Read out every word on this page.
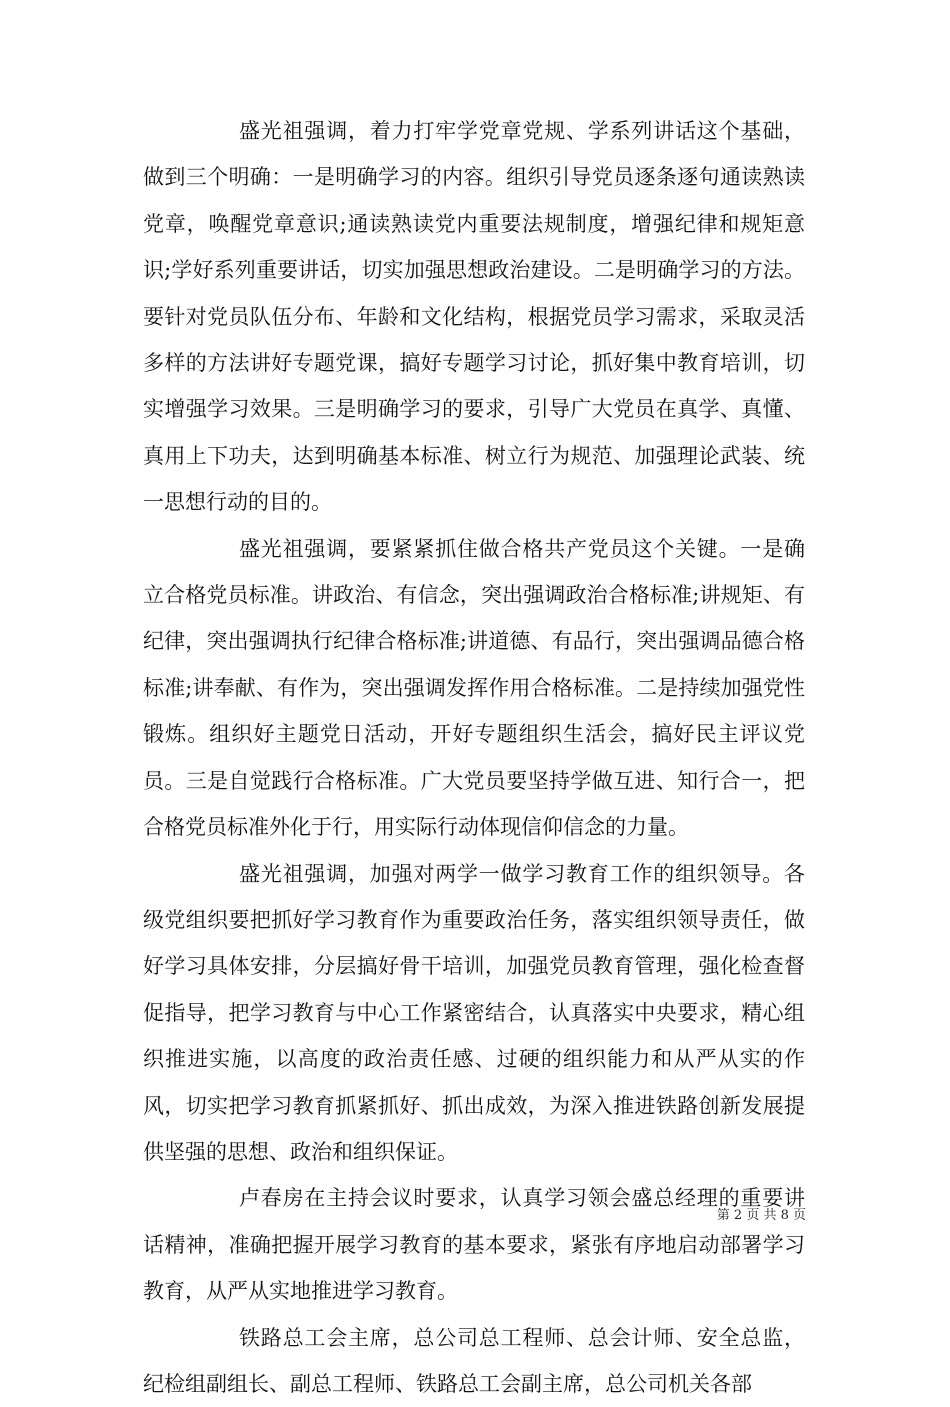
盛光祖强调，着力打牢学党章党规、学系列讲话这个基础，做到三个明确：一是明确学习的内容。组织引导党员逐条逐句通读熟读党章，唤醒党章意识;通读熟读党内重要法规制度，增强纪律和规矩意识;学好系列重要讲话，切实加强思想政治建设。二是明确学习的方法。要针对党员队伍分布、年龄和文化结构，根据党员学习需求，采取灵活多样的方法讲好专题党课，搞好专题学习讨论，抓好集中教育培训，切实增强学习效果。三是明确学习的要求，引导广大党员在真学、真懂、真用上下功夫，达到明确基本标准、树立行为规范、加强理论武装、统一思想行动的目的。

盛光祖强调，要紧紧抓住做合格共产党员这个关键。一是确立合格党员标准。讲政治、有信念，突出强调政治合格标准;讲规矩、有纪律，突出强调执行纪律合格标准;讲道德、有品行，突出强调品德合格标准;讲奉献、有作为，突出强调发挥作用合格标准。二是持续加强党性锻炼。组织好主题党日活动，开好专题组织生活会，搞好民主评议党员。三是自觉践行合格标准。广大党员要坚持学做互进、知行合一，把合格党员标准外化于行，用实际行动体现信仰信念的力量。

盛光祖强调，加强对两学一做学习教育工作的组织领导。各级党组织要把抓好学习教育作为重要政治任务，落实组织领导责任，做好学习具体安排，分层搞好骨干培训，加强党员教育管理，强化检查督促指导，把学习教育与中心工作紧密结合，认真落实中央要求，精心组织推进实施，以高度的政治责任感、过硬的组织能力和从严从实的作风，切实把学习教育抓紧抓好、抓出成效，为深入推进铁路创新发展提供坚强的思想、政治和组织保证。

卢春房在主持会议时要求，认真学习领会盛总经理的重要讲话精神，准确把握开展学习教育的基本要求，紧张有序地启动部署学习教育，从严从实地推进学习教育。

铁路总工会主席，总公司总工程师、总会计师、安全总监，纪检组副组长、副总工程师、铁路总工会副主席，总公司机关各部

第 2 页 共 8 页
